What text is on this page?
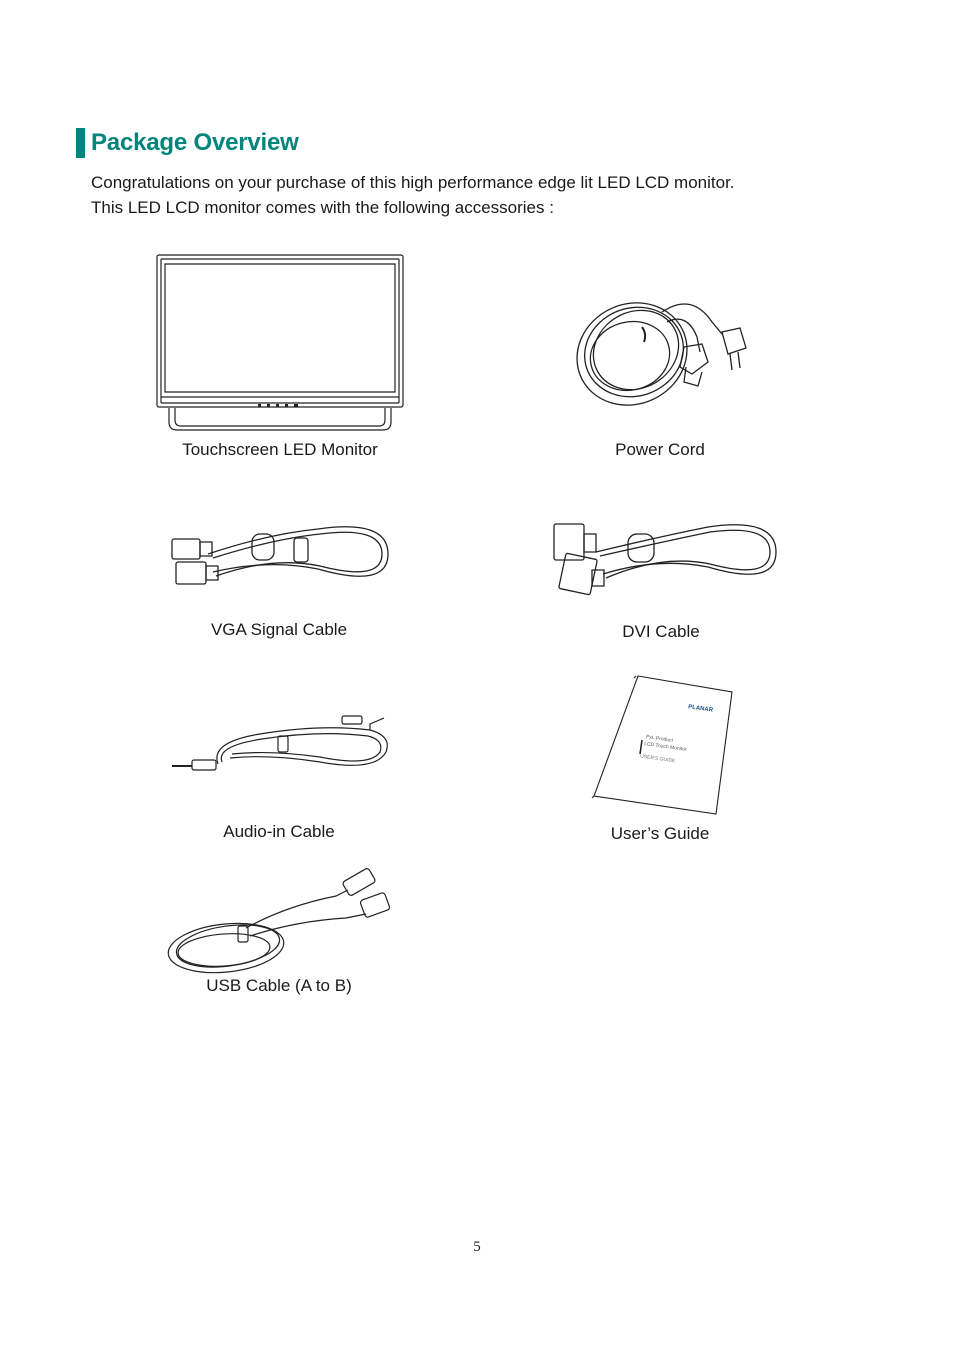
Package Overview
Congratulations on your purchase of this high performance edge lit LED LCD monitor.
This LED LCD monitor comes with the following accessories :
Touchscreen LED Monitor	Power Cord
VGA Signal Cable	DVI Cable
Audio-in Cable
PLANAR
PxL Product
LCD Touch Monitor
USER'S GUIDE
User’s Guide
USB Cable (A to B)
5
